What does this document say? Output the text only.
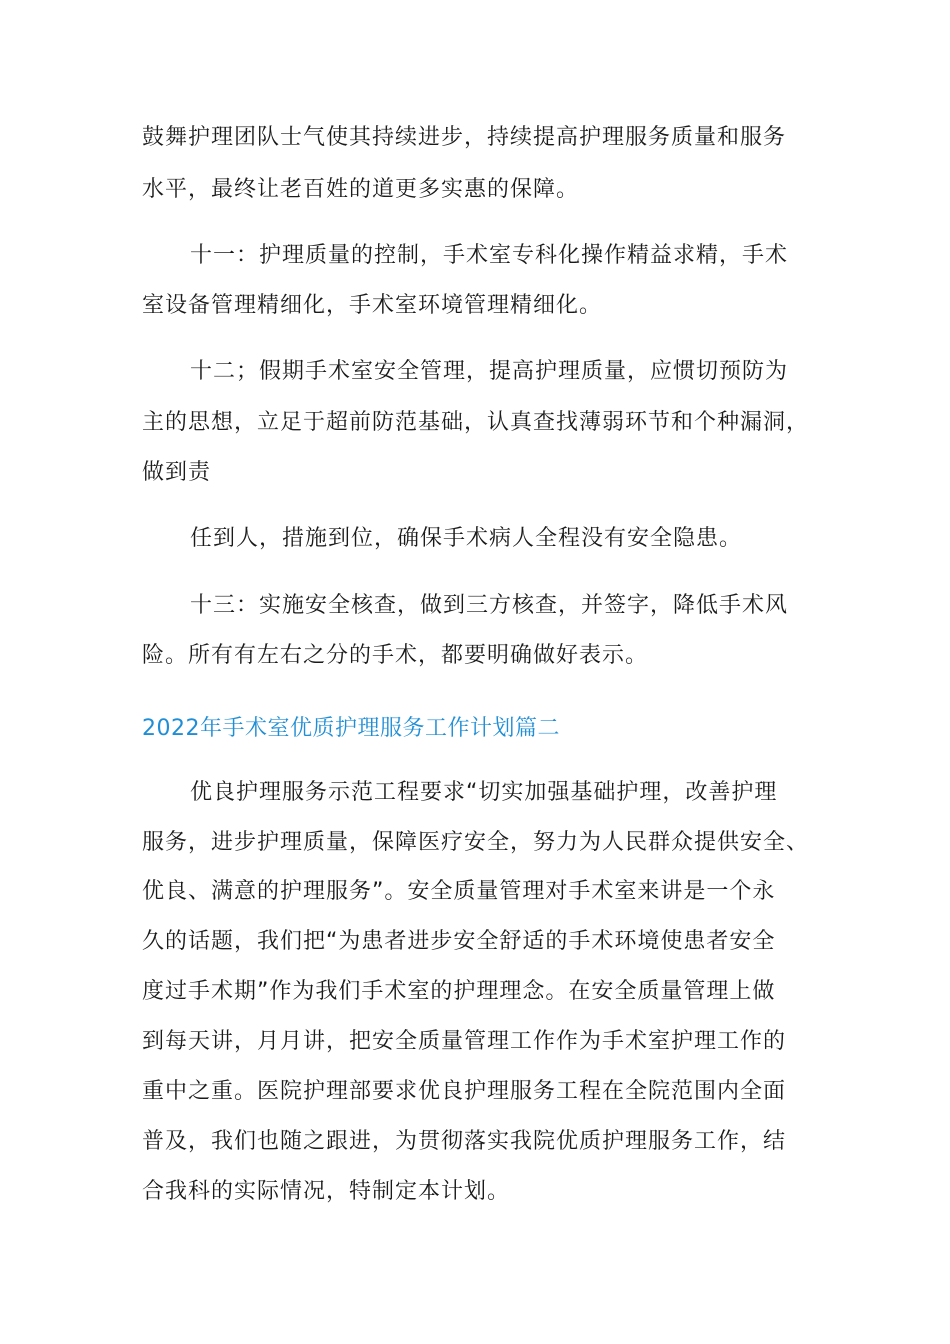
鼓舞护理团队士气使其持续进步，持续提高护理服务质量和服务
水平，最终让老百姓的道更多实惠的保障。
十一：护理质量的控制，手术室专科化操作精益求精，手术
室设备管理精细化，手术室环境管理精细化。
十二；假期手术室安全管理，提高护理质量，应惯切预防为
主的思想，立足于超前防范基础，认真查找薄弱环节和个种漏洞，
做到责
任到人，措施到位，确保手术病人全程没有安全隐患。
十三：实施安全核查，做到三方核查，并签字，降低手术风
险。所有有左右之分的手术，都要明确做好表示。
2022年手术室优质护理服务工作计划篇二
优良护理服务示范工程要求“切实加强基础护理，改善护理
服务，进步护理质量，保障医疗安全，努力为人民群众提供安全、
优良、满意的护理服务”。安全质量管理对手术室来讲是一个永
久的话题，我们把“为患者进步安全舒适的手术环境使患者安全
度过手术期”作为我们手术室的护理理念。在安全质量管理上做
到每天讲，月月讲，把安全质量管理工作作为手术室护理工作的
重中之重。医院护理部要求优良护理服务工程在全院范围内全面
普及，我们也随之跟进，为贯彻落实我院优质护理服务工作，结
合我科的实际情况，特制定本计划。
